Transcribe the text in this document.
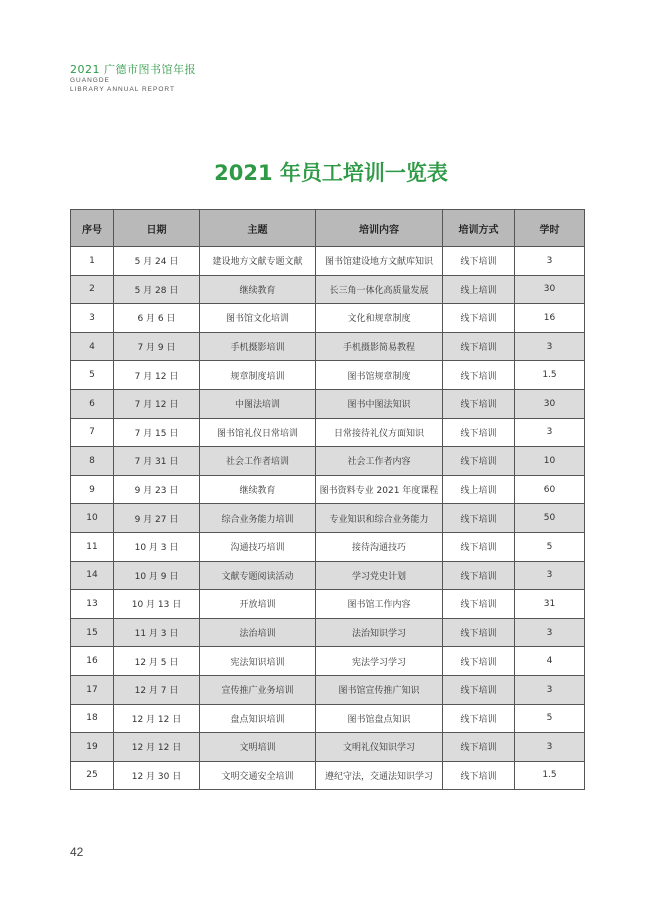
2021 广德市图书馆年报
GUANGDE
LIBRARY ANNUAL REPORT
2021 年员工培训一览表
序号	日期	主题	培训内容	培训方式	学时
1	5 月 24 日	建设地方文献专题文献	图书馆建设地方文献库知识	线下培训	3
2	5 月 28 日	继续教育	长三角一体化高质量发展	线上培训	30
3	6 月 6 日	图书馆文化培训	文化和规章制度	线下培训	16
4	7 月 9 日	手机摄影培训	手机摄影简易教程	线下培训	3
5	7 月 12 日	规章制度培训	图书馆规章制度	线下培训	1.5
6	7 月 12 日	中图法培训	图书中图法知识	线下培训	30
7	7 月 15 日	图书馆礼仪日常培训	日常接待礼仪方面知识	线下培训	3
8	7 月 31 日	社会工作者培训	社会工作者内容	线下培训	10
9	9 月 23 日	继续教育	图书资料专业 2021 年度课程	线上培训	60
10	9 月 27 日	综合业务能力培训	专业知识和综合业务能力	线下培训	50
11	10 月 3 日	沟通技巧培训	接待沟通技巧	线下培训	5
14	10 月 9 日	文献专题阅读活动	学习党史计划	线下培训	3
13	10 月 13 日	开放培训	图书馆工作内容	线下培训	31
15	11 月 3 日	法治培训	法治知识学习	线下培训	3
16	12 月 5 日	宪法知识培训	宪法学习学习	线下培训	4
17	12 月 7 日	宣传推广业务培训	图书馆宣传推广知识	线下培训	3
18	12 月 12 日	盘点知识培训	图书馆盘点知识	线下培训	5
19	12 月 12 日	文明培训	文明礼仪知识学习	线下培训	3
25	12 月 30 日	文明交通安全培训	遵纪守法，交通法知识学习	线下培训	1.5
42
